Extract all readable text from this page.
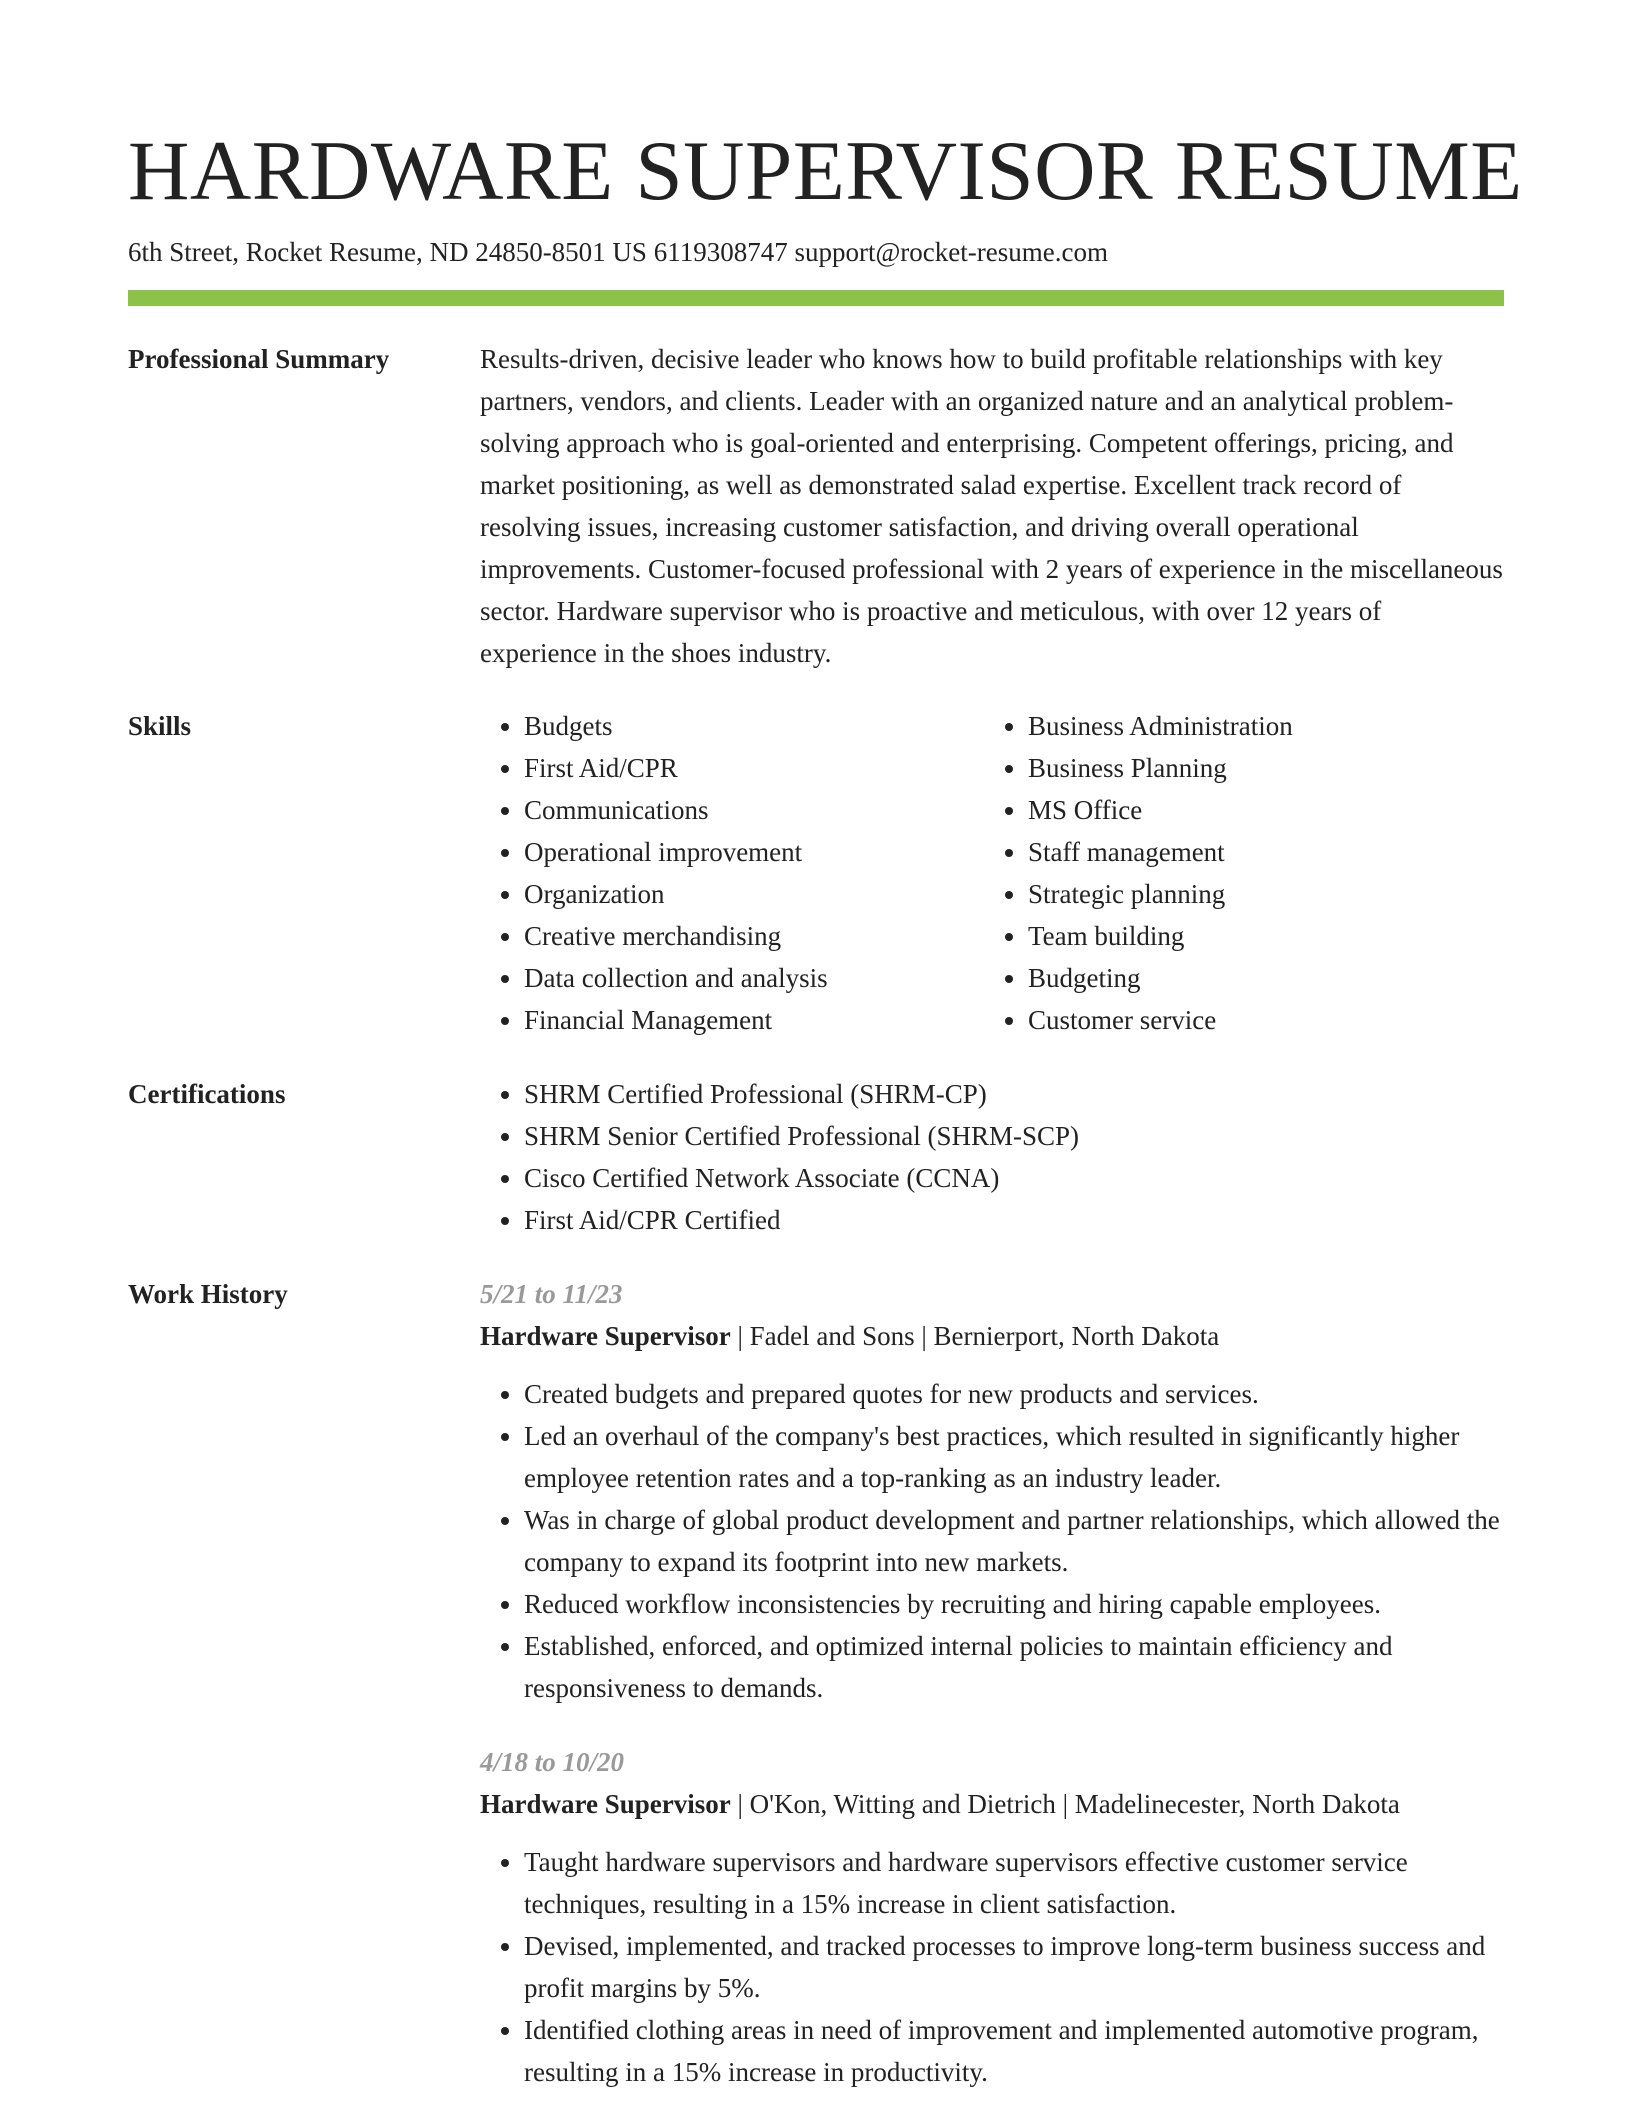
HARDWARE SUPERVISOR RESUME
6th Street, Rocket Resume, ND 24850-8501 US 6119308747 support@rocket-resume.com
Professional Summary	Results-driven, decisive leader who knows how to build profitable relationships with key partners, vendors, and clients. Leader with an organized nature and an analytical problem-solving approach who is goal-oriented and enterprising. Competent offerings, pricing, and market positioning, as well as demonstrated salad expertise. Excellent track record of resolving issues, increasing customer satisfaction, and driving overall operational improvements. Customer-focused professional with 2 years of experience in the miscellaneous sector. Hardware supervisor who is proactive and meticulous, with over 12 years of experience in the shoes industry.
Skills	• Budgets
• First Aid/CPR
• Communications
• Operational improvement
• Organization
• Creative merchandising
• Data collection and analysis
• Financial Management
• Business Administration
• Business Planning
• MS Office
• Staff management
• Strategic planning
• Team building
• Budgeting
• Customer service
Certifications	• SHRM Certified Professional (SHRM-CP)
• SHRM Senior Certified Professional (SHRM-SCP)
• Cisco Certified Network Associate (CCNA)
• First Aid/CPR Certified
Work History	5/21 to 11/23
Hardware Supervisor | Fadel and Sons | Bernierport, North Dakota
• Created budgets and prepared quotes for new products and services.
• Led an overhaul of the company's best practices, which resulted in significantly higher employee retention rates and a top-ranking as an industry leader.
• Was in charge of global product development and partner relationships, which allowed the company to expand its footprint into new markets.
• Reduced workflow inconsistencies by recruiting and hiring capable employees.
• Established, enforced, and optimized internal policies to maintain efficiency and responsiveness to demands.
4/18 to 10/20
Hardware Supervisor | O'Kon, Witting and Dietrich | Madelinecester, North Dakota
• Taught hardware supervisors and hardware supervisors effective customer service techniques, resulting in a 15% increase in client satisfaction.
• Devised, implemented, and tracked processes to improve long-term business success and profit margins by 5%.
• Identified clothing areas in need of improvement and implemented automotive program, resulting in a 15% increase in productivity.
